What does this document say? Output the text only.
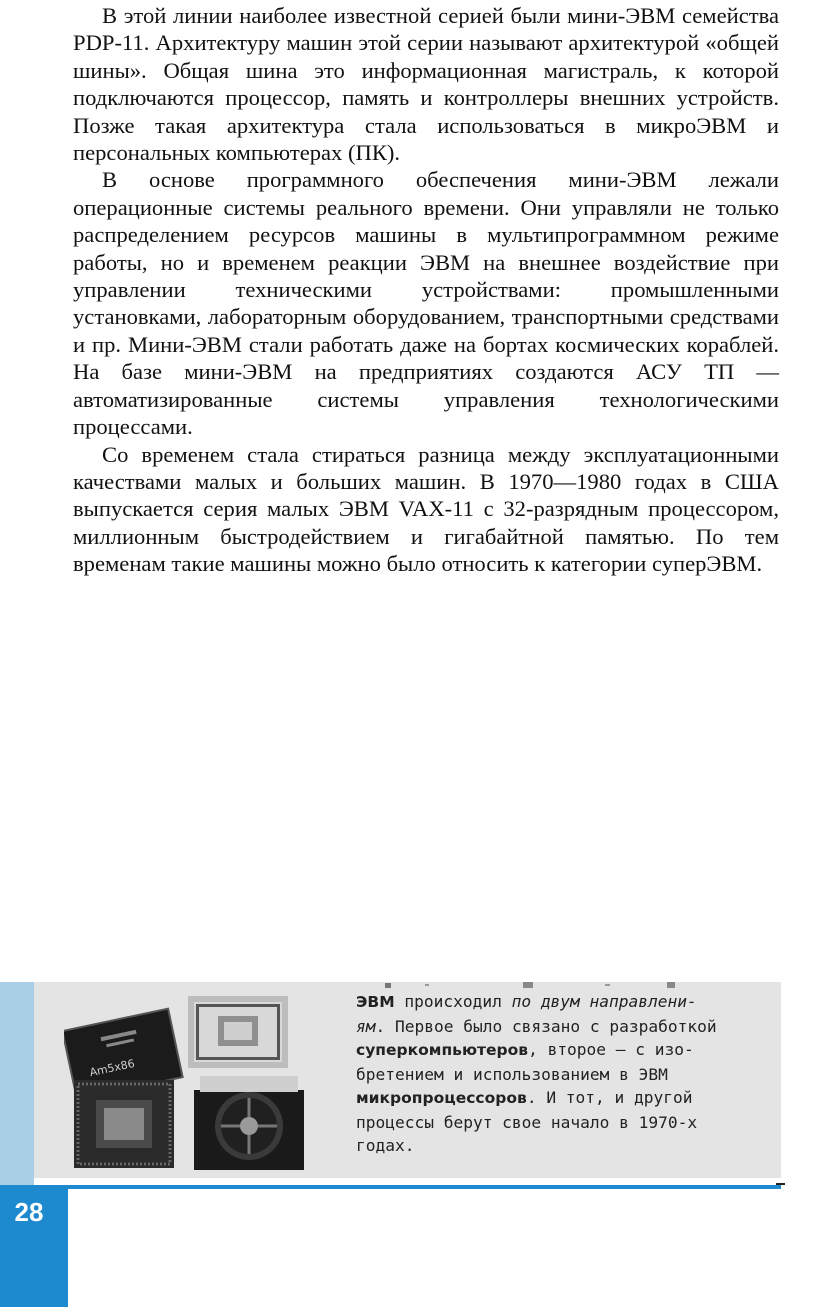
В этой линии наиболее известной серией были мини-ЭВМ семейства PDP-11. Архитектуру машин этой серии называют архитектурой «общей шины». Общая шина это информационная магистраль, к которой подключаются процессор, память и контроллеры внешних устройств. Позже такая архитектура стала использоваться в микроЭВМ и персональных компьютерах (ПК).

В основе программного обеспечения мини-ЭВМ лежали операционные системы реального времени. Они управляли не только распределением ресурсов машины в мультипрограммном режиме работы, но и временем реакции ЭВМ на внешнее воздействие при управлении техническими устройствами: промышленными установками, лабораторным оборудованием, транспортными средствами и пр. Мини-ЭВМ стали работать даже на бортах космических кораблей. На базе мини-ЭВМ на предприятиях создаются АСУ ТП — автоматизированные системы управления технологическими процессами.

Со временем стала стираться разница между эксплуатационными качествами малых и больших машин. В 1970—1980 годах в США выпускается серия малых ЭВМ VAX-11 с 32-разрядным процессором, миллионным быстродействием и гигабайтной памятью. По тем временам такие машины можно было относить к категории суперЭВМ.

28
Am5x86
ЭВМ происходил по двум направлени-
ям. Первое было связано с разработкой
суперкомпьютеров, второе — с изо-
бретением и использованием в ЭВМ
микропроцессоров. И тот, и другой
процессы берут свое начало в 1970-х
годах.
